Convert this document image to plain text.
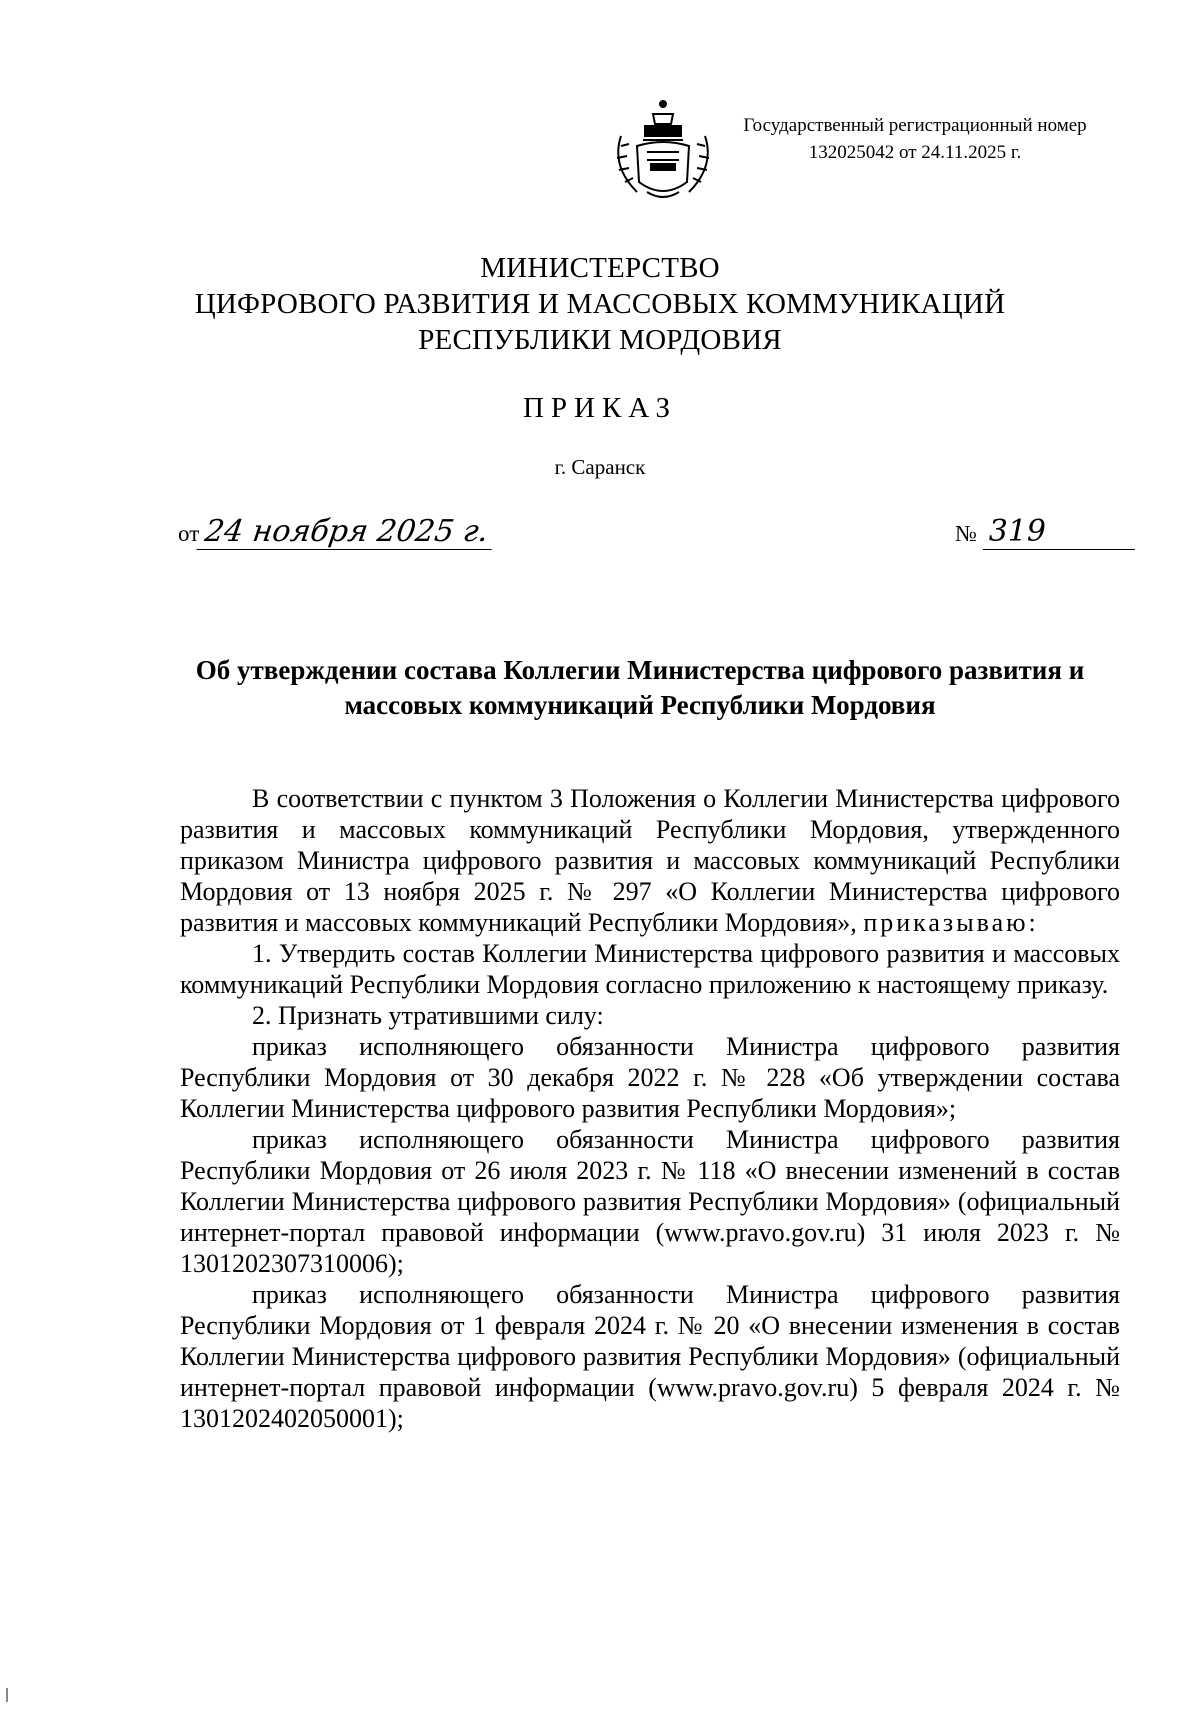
Государственный регистрационный номер
132025042 от 24.11.2025 г.
МИНИСТЕРСТВО
ЦИФРОВОГО РАЗВИТИЯ И МАССОВЫХ КОММУНИКАЦИЙ
РЕСПУБЛИКИ МОРДОВИЯ
ПРИКАЗ
г. Саранск
от 24 ноября 2025 г.	№ 319
Об утверждении состава Коллегии Министерства цифрового развития и
массовых коммуникаций Республики Мордовия

В соответствии с пунктом 3 Положения о Коллегии Министерства цифрового развития и массовых коммуникаций Республики Мордовия, утвержденного приказом Министра цифрового развития и массовых коммуникаций Республики Мордовия от 13 ноября 2025 г. № 297 «О Коллегии Министерства цифрового развития и массовых коммуникаций Республики Мордовия», приказываю:

1. Утвердить состав Коллегии Министерства цифрового развития и массовых коммуникаций Республики Мордовия согласно приложению к настоящему приказу.

2. Признать утратившими силу:

приказ исполняющего обязанности Министра цифрового развития Республики Мордовия от 30 декабря 2022 г. № 228 «Об утверждении состава Коллегии Министерства цифрового развития Республики Мордовия»;

приказ исполняющего обязанности Министра цифрового развития Республики Мордовия от 26 июля 2023 г. № 118 «О внесении изменений в состав Коллегии Министерства цифрового развития Республики Мордовия» (официальный интернет-портал правовой информации (www.pravo.gov.ru) 31 июля 2023 г. № 1301202307310006);

приказ исполняющего обязанности Министра цифрового развития Республики Мордовия от 1 февраля 2024 г. № 20 «О внесении изменения в состав Коллегии Министерства цифрового развития Республики Мордовия» (официальный интернет-портал правовой информации (www.pravo.gov.ru) 5 февраля 2024 г. № 1301202402050001);
